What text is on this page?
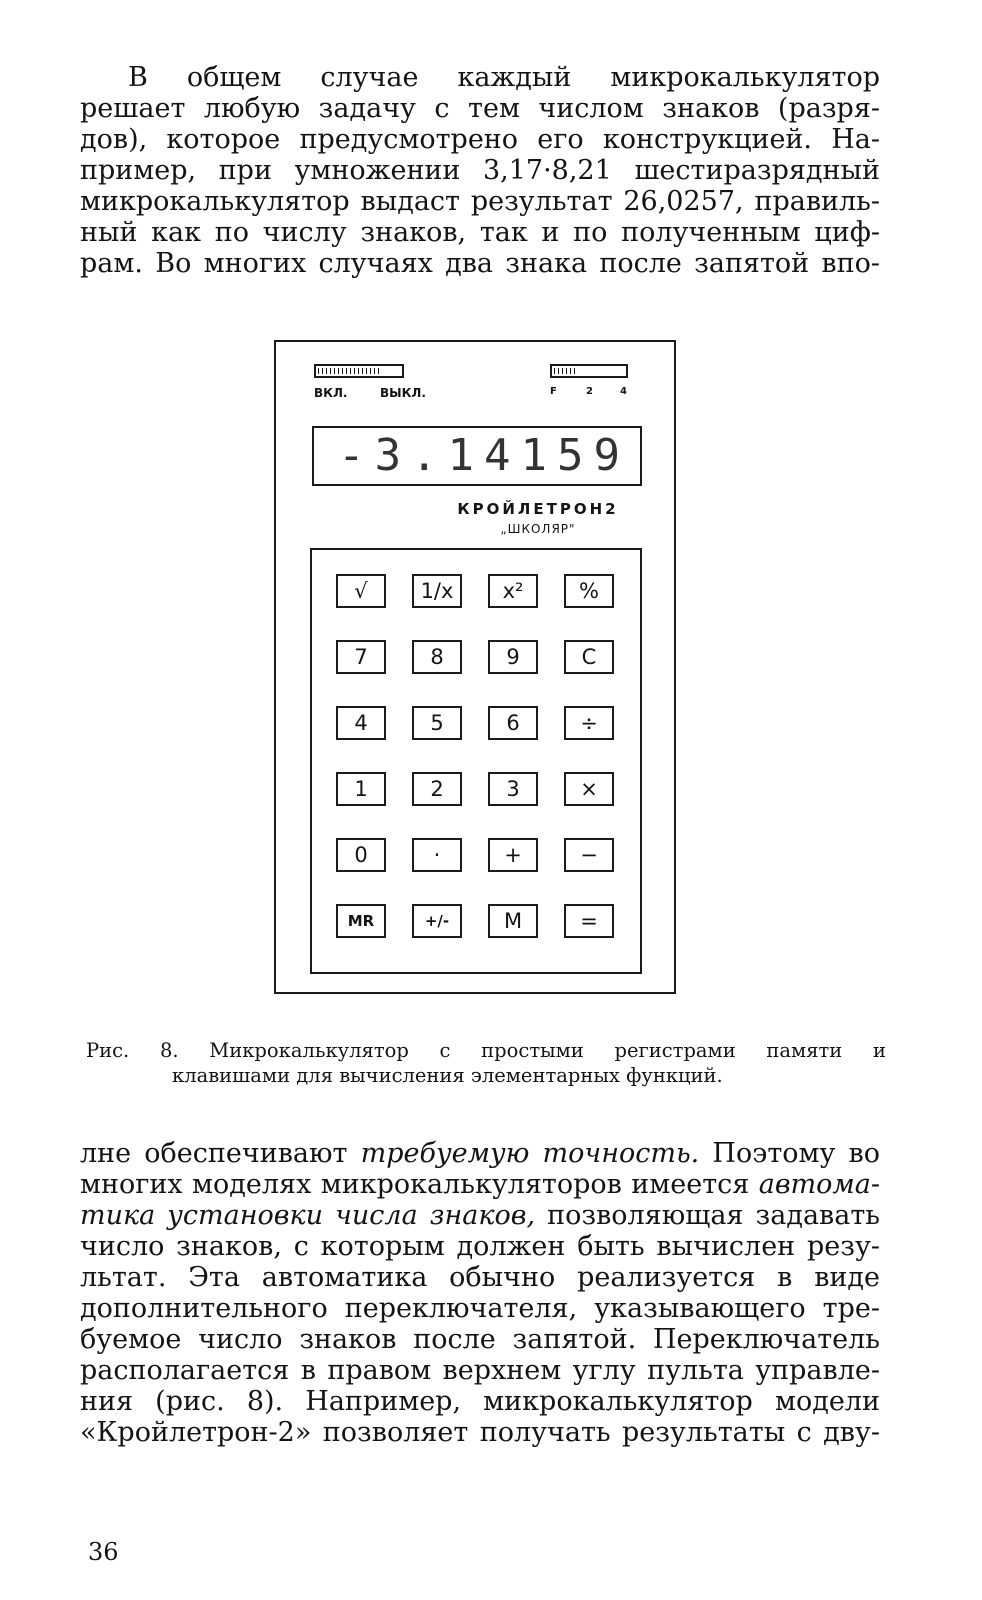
В общем случае каждый микрокалькулятор
решает любую задачу с тем числом знаков (разря-
дов), которое предусмотрено его конструкцией. На-
пример, при умножении 3,17·8,21 шестиразрядный
микрокалькулятор выдаст результат 26,0257, правиль-
ный как по числу знаков, так и по полученным циф-
рам. Во многих случаях два знака после запятой впо-

ВКЛ.	ВЫКЛ.	F	2	4
-3.14159
КРОЙЛЕТРОН2
„ШКОЛЯР"
√	1/x	x²	%
7	8	9	C
4	5	6	÷
1	2	3	×
0	·	+	−
MR	+/-	M	=

Рис. 8. Микрокалькулятор с простыми регистрами памяти и
клавишами для вычисления элементарных функций.

лне обеспечивают требуемую точность. Поэтому во
многих моделях микрокалькуляторов имеется автома-
тика установки числа знаков, позволяющая задавать
число знаков, с которым должен быть вычислен резу-
льтат. Эта автоматика обычно реализуется в виде
дополнительного переключателя, указывающего тре-
буемое число знаков после запятой. Переключатель
располагается в правом верхнем углу пульта управле-
ния (рис. 8). Например, микрокалькулятор модели
«Кройлетрон-2» позволяет получать результаты с дву-

36
